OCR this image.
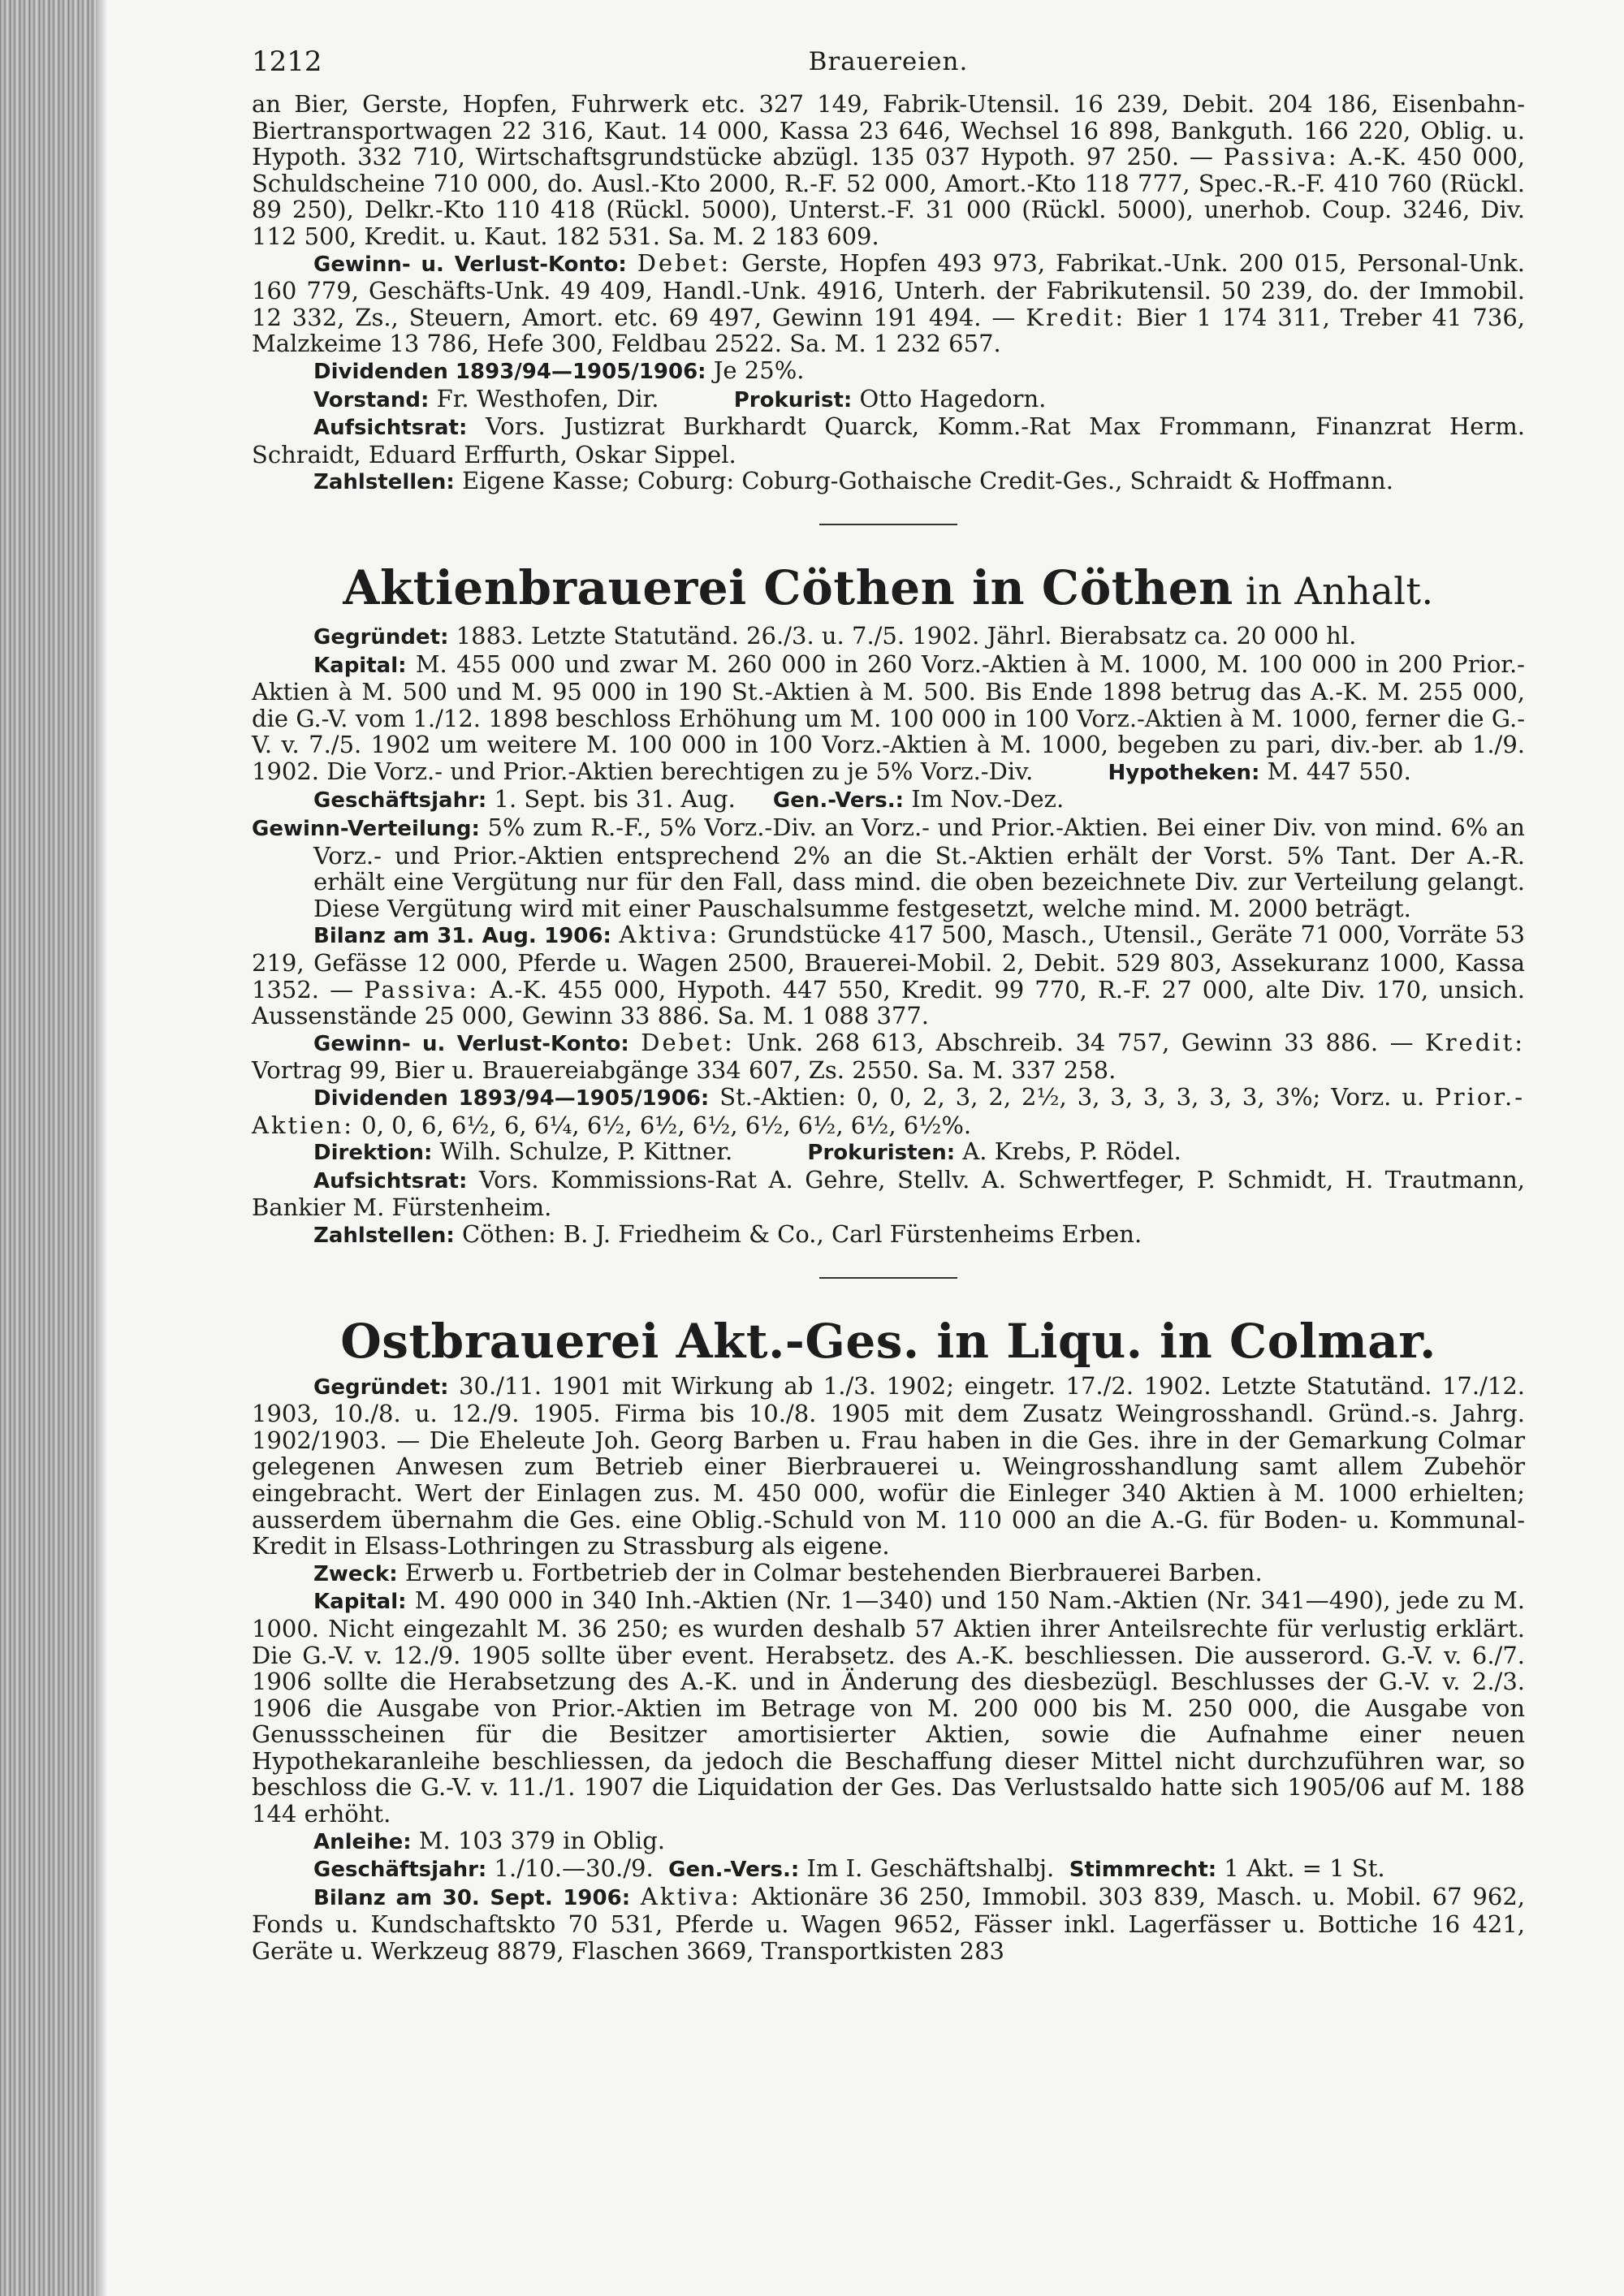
1212	Brauereien.

an Bier, Gerste, Hopfen, Fuhrwerk etc. 327 149, Fabrik-Utensil. 16 239, Debit. 204 186, Eisenbahn-Biertransportwagen 22 316, Kaut. 14 000, Kassa 23 646, Wechsel 16 898, Bankguth. 166 220, Oblig. u. Hypoth. 332 710, Wirtschaftsgrundstücke abzügl. 135 037 Hypoth. 97 250. — Passiva: A.-K. 450 000, Schuldscheine 710 000, do. Ausl.-Kto 2000, R.-F. 52 000, Amort.-Kto 118 777, Spec.-R.-F. 410 760 (Rückl. 89 250), Delkr.-Kto 110 418 (Rückl. 5000), Unterst.-F. 31 000 (Rückl. 5000), unerhob. Coup. 3246, Div. 112 500, Kredit. u. Kaut. 182 531. Sa. M. 2 183 609.

Gewinn- u. Verlust-Konto: Debet: Gerste, Hopfen 493 973, Fabrikat.-Unk. 200 015, Personal-Unk. 160 779, Geschäfts-Unk. 49 409, Handl.-Unk. 4916, Unterh. der Fabrikutensil. 50 239, do. der Immobil. 12 332, Zs., Steuern, Amort. etc. 69 497, Gewinn 191 494. — Kredit: Bier 1 174 311, Treber 41 736, Malzkeime 13 786, Hefe 300, Feldbau 2522. Sa. M. 1 232 657.

Dividenden 1893/94—1905/1906: Je 25%.

Vorstand: Fr. Westhofen, Dir.          Prokurist: Otto Hagedorn.

Aufsichtsrat: Vors. Justizrat Burkhardt Quarck, Komm.-Rat Max Frommann, Finanzrat Herm. Schraidt, Eduard Erffurth, Oskar Sippel.

Zahlstellen: Eigene Kasse; Coburg: Coburg-Gothaische Credit-Ges., Schraidt & Hoffmann.

Aktienbrauerei Cöthen in Cöthen in Anhalt.

Gegründet: 1883. Letzte Statutänd. 26./3. u. 7./5. 1902. Jährl. Bierabsatz ca. 20 000 hl.

Kapital: M. 455 000 und zwar M. 260 000 in 260 Vorz.-Aktien à M. 1000, M. 100 000 in 200 Prior.-Aktien à M. 500 und M. 95 000 in 190 St.-Aktien à M. 500. Bis Ende 1898 betrug das A.-K. M. 255 000, die G.-V. vom 1./12. 1898 beschloss Erhöhung um M. 100 000 in 100 Vorz.-Aktien à M. 1000, ferner die G.-V. v. 7./5. 1902 um weitere M. 100 000 in 100 Vorz.-Aktien à M. 1000, begeben zu pari, div.-ber. ab 1./9. 1902. Die Vorz.- und Prior.-Aktien berechtigen zu je 5% Vorz.-Div.          Hypotheken: M. 447 550.

Geschäftsjahr: 1. Sept. bis 31. Aug.     Gen.-Vers.: Im Nov.-Dez.

Gewinn-Verteilung: 5% zum R.-F., 5% Vorz.-Div. an Vorz.- und Prior.-Aktien. Bei einer Div. von mind. 6% an Vorz.- und Prior.-Aktien entsprechend 2% an die St.-Aktien erhält der Vorst. 5% Tant. Der A.-R. erhält eine Vergütung nur für den Fall, dass mind. die oben bezeichnete Div. zur Verteilung gelangt. Diese Vergütung wird mit einer Pauschalsumme festgesetzt, welche mind. M. 2000 beträgt.

Bilanz am 31. Aug. 1906: Aktiva: Grundstücke 417 500, Masch., Utensil., Geräte 71 000, Vorräte 53 219, Gefässe 12 000, Pferde u. Wagen 2500, Brauerei-Mobil. 2, Debit. 529 803, Assekuranz 1000, Kassa 1352. — Passiva: A.-K. 455 000, Hypoth. 447 550, Kredit. 99 770, R.-F. 27 000, alte Div. 170, unsich. Aussenstände 25 000, Gewinn 33 886. Sa. M. 1 088 377.

Gewinn- u. Verlust-Konto: Debet: Unk. 268 613, Abschreib. 34 757, Gewinn 33 886. — Kredit: Vortrag 99, Bier u. Brauereiabgänge 334 607, Zs. 2550. Sa. M. 337 258.

Dividenden 1893/94—1905/1906: St.-Aktien: 0, 0, 2, 3, 2, 2½, 3, 3, 3, 3, 3, 3, 3%; Vorz. u. Prior.-Aktien: 0, 0, 6, 6½, 6, 6¼, 6½, 6½, 6½, 6½, 6½, 6½, 6½%.

Direktion: Wilh. Schulze, P. Kittner.          Prokuristen: A. Krebs, P. Rödel.

Aufsichtsrat: Vors. Kommissions-Rat A. Gehre, Stellv. A. Schwertfeger, P. Schmidt, H. Trautmann, Bankier M. Fürstenheim.

Zahlstellen: Cöthen: B. J. Friedheim & Co., Carl Fürstenheims Erben.

Ostbrauerei Akt.-Ges. in Liqu. in Colmar.

Gegründet: 30./11. 1901 mit Wirkung ab 1./3. 1902; eingetr. 17./2. 1902. Letzte Statutänd. 17./12. 1903, 10./8. u. 12./9. 1905. Firma bis 10./8. 1905 mit dem Zusatz Weingrosshandl. Gründ.-s. Jahrg. 1902/1903. — Die Eheleute Joh. Georg Barben u. Frau haben in die Ges. ihre in der Gemarkung Colmar gelegenen Anwesen zum Betrieb einer Bierbrauerei u. Weingrosshandlung samt allem Zubehör eingebracht. Wert der Einlagen zus. M. 450 000, wofür die Einleger 340 Aktien à M. 1000 erhielten; ausserdem übernahm die Ges. eine Oblig.-Schuld von M. 110 000 an die A.-G. für Boden- u. Kommunal-Kredit in Elsass-Lothringen zu Strassburg als eigene.

Zweck: Erwerb u. Fortbetrieb der in Colmar bestehenden Bierbrauerei Barben.

Kapital: M. 490 000 in 340 Inh.-Aktien (Nr. 1—340) und 150 Nam.-Aktien (Nr. 341—490), jede zu M. 1000. Nicht eingezahlt M. 36 250; es wurden deshalb 57 Aktien ihrer Anteilsrechte für verlustig erklärt. Die G.-V. v. 12./9. 1905 sollte über event. Herabsetz. des A.-K. beschliessen. Die ausserord. G.-V. v. 6./7. 1906 sollte die Herabsetzung des A.-K. und in Änderung des diesbezügl. Beschlusses der G.-V. v. 2./3. 1906 die Ausgabe von Prior.-Aktien im Betrage von M. 200 000 bis M. 250 000, die Ausgabe von Genussscheinen für die Besitzer amortisierter Aktien, sowie die Aufnahme einer neuen Hypothekaranleihe beschliessen, da jedoch die Beschaffung dieser Mittel nicht durchzuführen war, so beschloss die G.-V. v. 11./1. 1907 die Liquidation der Ges. Das Verlustsaldo hatte sich 1905/06 auf M. 188 144 erhöht.

Anleihe: M. 103 379 in Oblig.

Geschäftsjahr: 1./10.—30./9.  Gen.-Vers.: Im I. Geschäftshalbj.  Stimmrecht: 1 Akt. = 1 St.

Bilanz am 30. Sept. 1906: Aktiva: Aktionäre 36 250, Immobil. 303 839, Masch. u. Mobil. 67 962, Fonds u. Kundschaftskto 70 531, Pferde u. Wagen 9652, Fässer inkl. Lagerfässer u. Bottiche 16 421, Geräte u. Werkzeug 8879, Flaschen 3669, Transportkisten 283
